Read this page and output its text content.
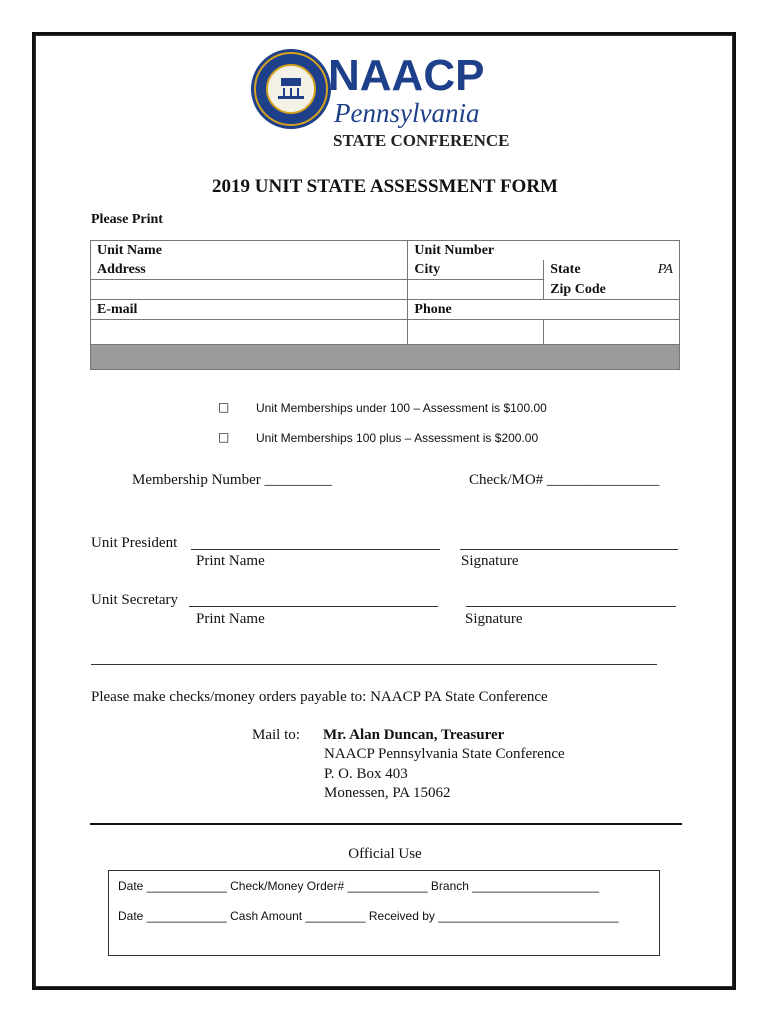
NAACP
Pennsylvania
STATE CONFERENCE
2019 UNIT STATE ASSESSMENT FORM
Please Print
Unit Name	Unit Number	
Address	City	State PA

		Zip Code
E-mail	Phone	

□ Unit Memberships under 100 – Assessment is $100.00
□ Unit Memberships 100 plus – Assessment is $200.00
Membership Number _________	Check/MO# _______________
Unit President
Print Name	Signature
Unit Secretary
Print Name	Signature
Please make checks/money orders payable to: NAACP PA State Conference
Mail to: Mr. Alan Duncan, Treasurer
NAACP Pennsylvania State Conference
P. O. Box 403
Monessen, PA 15062
Official Use
Date ____________ Check/Money Order# ____________ Branch ___________________
Date ____________ Cash Amount _________ Received by ___________________________
